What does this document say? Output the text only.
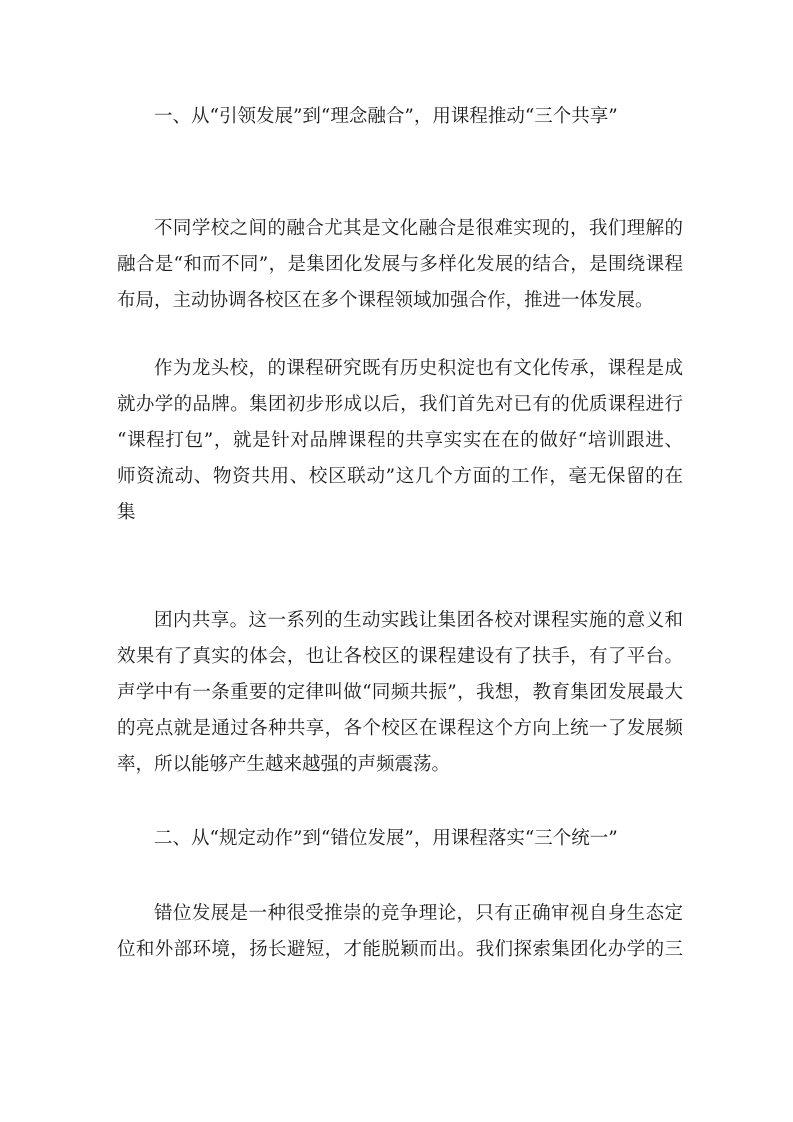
一、从“引领发展”到“理念融合”，用课程推动“三个共享”
不同学校之间的融合尤其是文化融合是很难实现的，我们理解的
融合是“和而不同”，是集团化发展与多样化发展的结合，是围绕课程
布局，主动协调各校区在多个课程领域加强合作，推进一体发展。
作为龙头校，的课程研究既有历史积淀也有文化传承，课程是成
就办学的品牌。集团初步形成以后，我们首先对已有的优质课程进行
“课程打包”，就是针对品牌课程的共享实实在在的做好“培训跟进、
师资流动、物资共用、校区联动”这几个方面的工作，毫无保留的在
集
团内共享。这一系列的生动实践让集团各校对课程实施的意义和
效果有了真实的体会，也让各校区的课程建设有了扶手，有了平台。
声学中有一条重要的定律叫做“同频共振”，我想，教育集团发展最大
的亮点就是通过各种共享，各个校区在课程这个方向上统一了发展频
率，所以能够产生越来越强的声频震荡。
二、从“规定动作”到“错位发展”，用课程落实“三个统一”
错位发展是一种很受推崇的竞争理论，只有正确审视自身生态定
位和外部环境，扬长避短，才能脱颖而出。我们探索集团化办学的三
